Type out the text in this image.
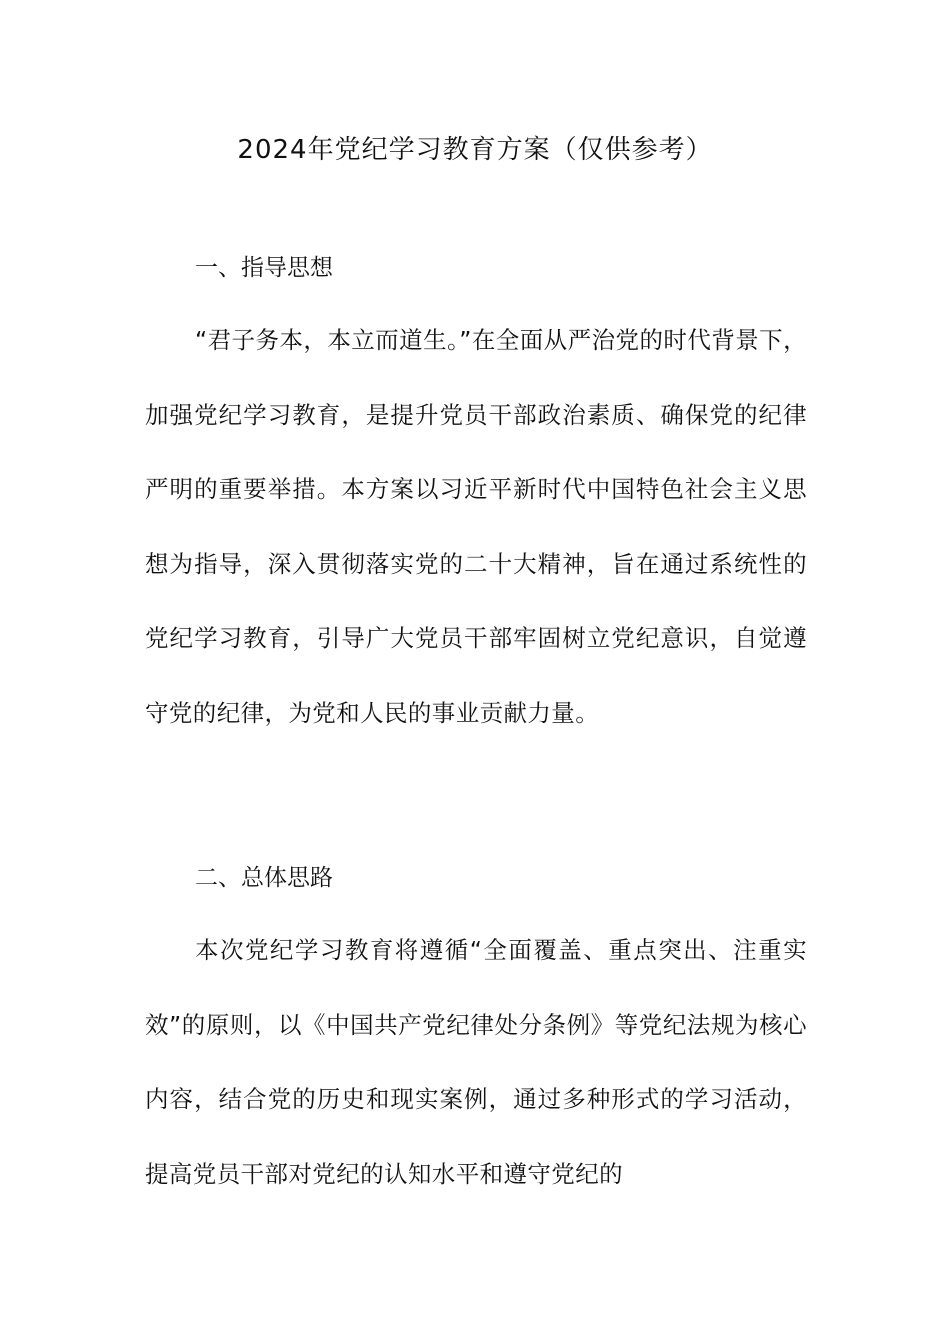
2024年党纪学习教育方案（仅供参考）
一、指导思想

“君子务本，本立而道生。”在全面从严治党的时代背景下，加强党纪学习教育，是提升党员干部政治素质、确保党的纪律严明的重要举措。本方案以习近平新时代中国特色社会主义思想为指导，深入贯彻落实党的二十大精神，旨在通过系统性的党纪学习教育，引导广大党员干部牢固树立党纪意识，自觉遵守党的纪律，为党和人民的事业贡献力量。

二、总体思路

本次党纪学习教育将遵循“全面覆盖、重点突出、注重实效”的原则，以《中国共产党纪律处分条例》等党纪法规为核心内容，结合党的历史和现实案例，通过多种形式的学习活动，提高党员干部对党纪的认知水平和遵守党纪的
